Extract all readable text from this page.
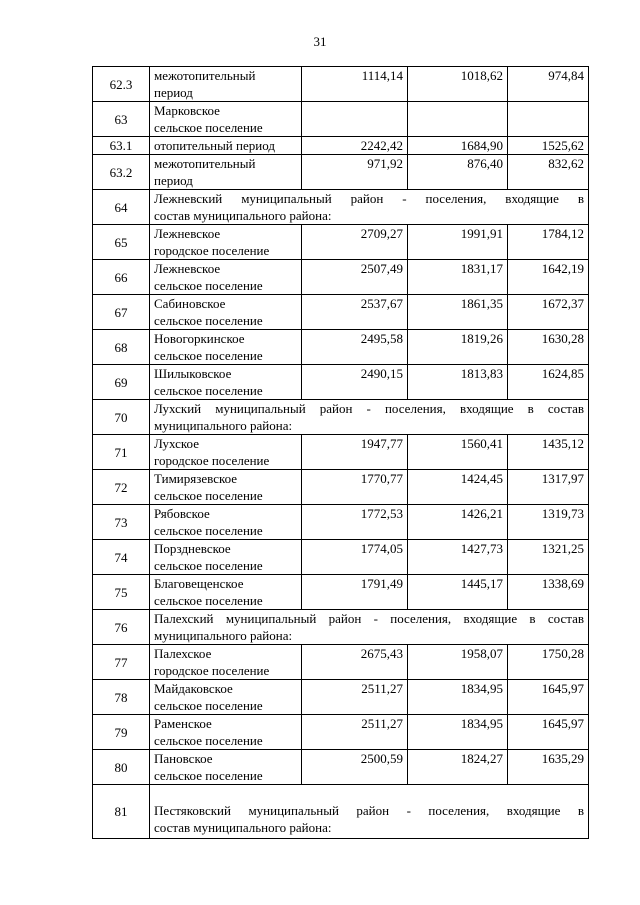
31
62.3	межотопительный
период	1114,14	1018,62	974,84
63	Марковское
сельское поселение			

63.1	отопительный период	2242,42	1684,90	1525,62
63.2	межотопительный
период	971,92	876,40	832,62
64	Лежневский муниципальный район - поселения, входящие в
состав муниципального района:			

65	Лежневское
городское поселение	2709,27	1991,91	1784,12
66	Лежневское
сельское поселение	2507,49	1831,17	1642,19
67	Сабиновское
сельское поселение	2537,67	1861,35	1672,37
68	Новогоркинское
сельское поселение	2495,58	1819,26	1630,28
69	Шилыковское
сельское поселение	2490,15	1813,83	1624,85
70	Лухский муниципальный район - поселения, входящие в состав
муниципального района:			

71	Лухское
городское поселение	1947,77	1560,41	1435,12
72	Тимирязевское
сельское поселение	1770,77	1424,45	1317,97
73	Рябовское
сельское поселение	1772,53	1426,21	1319,73
74	Порздневское
сельское поселение	1774,05	1427,73	1321,25
75	Благовещенское
сельское поселение	1791,49	1445,17	1338,69
76	Палехский муниципальный район - поселения, входящие в состав
муниципального района:			

77	Палехское
городское поселение	2675,43	1958,07	1750,28
78	Майдаковское
сельское поселение	2511,27	1834,95	1645,97
79	Раменское
сельское поселение	2511,27	1834,95	1645,97
80	Пановское
сельское поселение	2500,59	1824,27	1635,29
81	Пестяковский муниципальный район - поселения, входящие в
состав муниципального района:			
